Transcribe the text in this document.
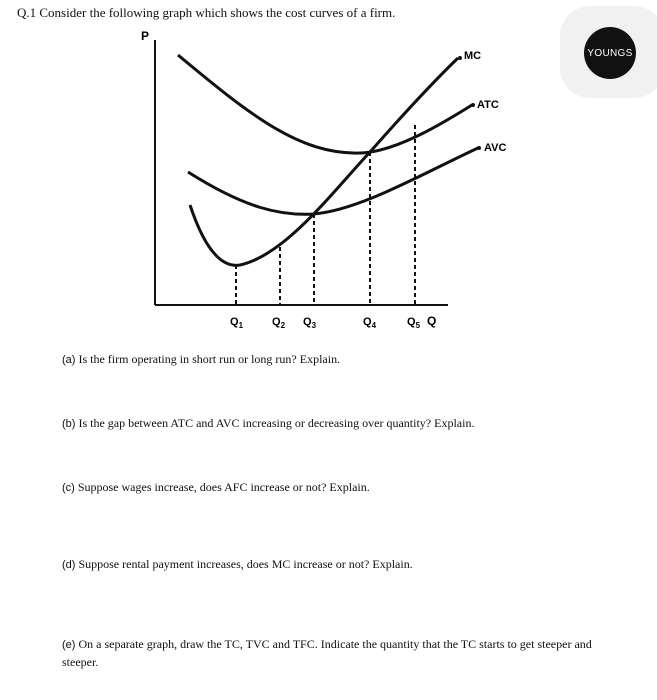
Q.1 Consider the following graph which shows the cost curves of a firm.
YOUNGS
P
Q
MC
ATC
AVC
$Q_1$	$Q_2$ $Q_3$	$Q_4$	$Q_5$
(a) Is the firm operating in short run or long run? Explain.
(b) Is the gap between ATC and AVC increasing or decreasing over quantity? Explain.
(c) Suppose wages increase, does AFC increase or not? Explain.
(d) Suppose rental payment increases, does MC increase or not? Explain.
(e) On a separate graph, draw the TC, TVC and TFC. Indicate the quantity that the TC starts to get steeper and steeper.
